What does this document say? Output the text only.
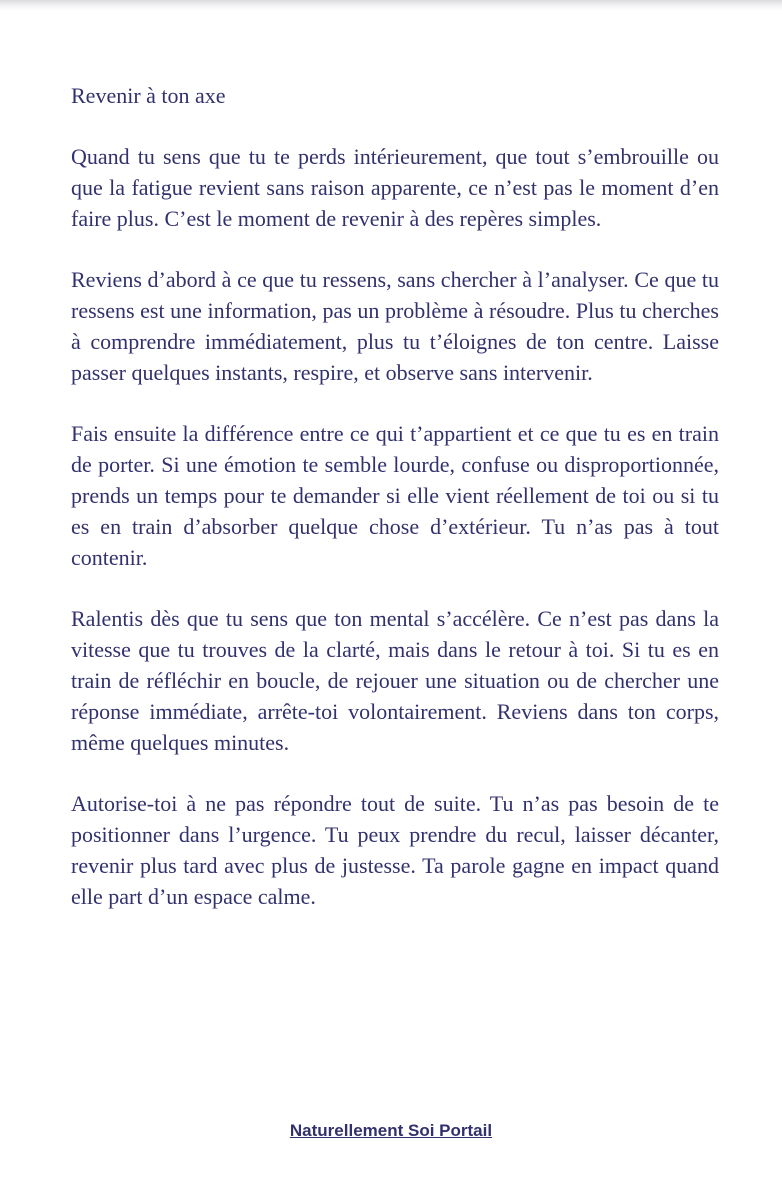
Revenir à ton axe

Quand tu sens que tu te perds intérieurement, que tout s’embrouille ou que la fatigue revient sans raison apparente, ce n’est pas le moment d’en faire plus. C’est le moment de revenir à des repères simples.

Reviens d’abord à ce que tu ressens, sans chercher à l’analyser. Ce que tu ressens est une information, pas un problème à résoudre. Plus tu cherches à comprendre immédiatement, plus tu t’éloignes de ton centre. Laisse passer quelques instants, respire, et observe sans intervenir.

Fais ensuite la différence entre ce qui t’appartient et ce que tu es en train de porter. Si une émotion te semble lourde, confuse ou disproportionnée, prends un temps pour te demander si elle vient réellement de toi ou si tu es en train d’absorber quelque chose d’extérieur. Tu n’as pas à tout contenir.

Ralentis dès que tu sens que ton mental s’accélère. Ce n’est pas dans la vitesse que tu trouves de la clarté, mais dans le retour à toi. Si tu es en train de réfléchir en boucle, de rejouer une situation ou de chercher une réponse immédiate, arrête-toi volontairement. Reviens dans ton corps, même quelques minutes.

Autorise-toi à ne pas répondre tout de suite. Tu n’as pas besoin de te positionner dans l’urgence. Tu peux prendre du recul, laisser décanter, revenir plus tard avec plus de justesse. Ta parole gagne en impact quand elle part d’un espace calme.

Naturellement Soi Portail
